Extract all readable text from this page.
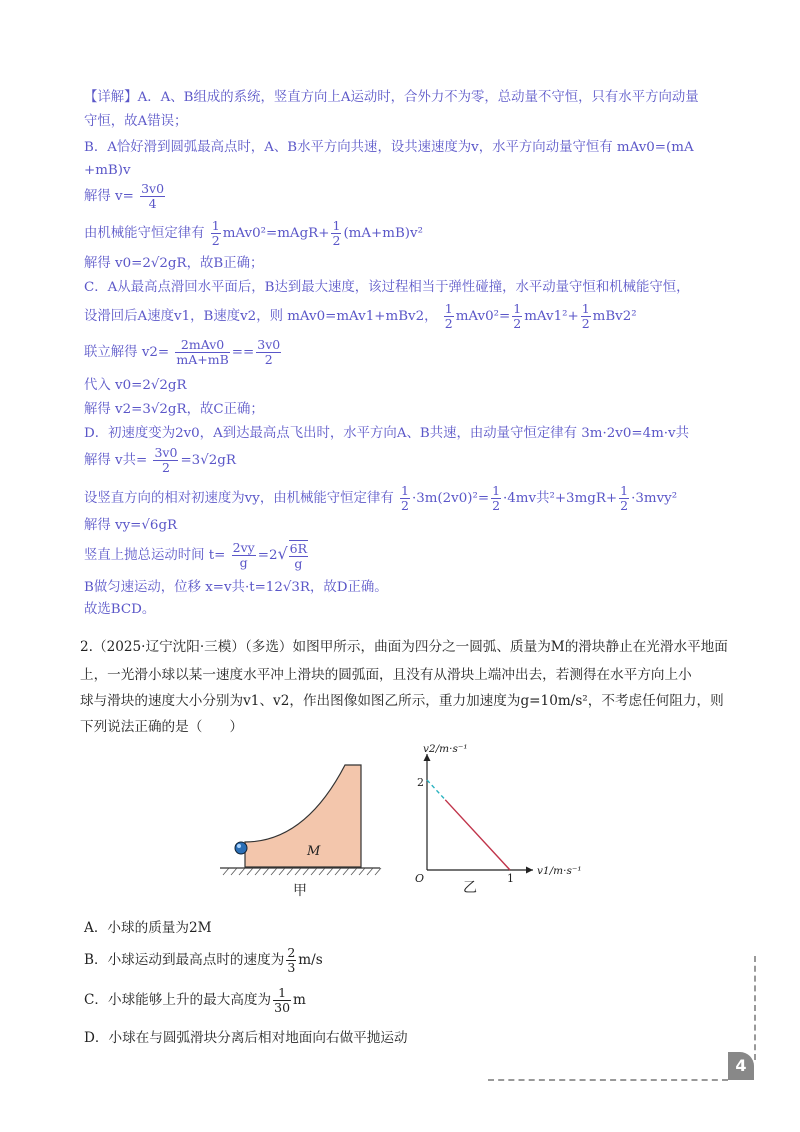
【详解】A．A、B组成的系统，竖直方向上A运动时，合外力不为零，总动量不守恒，只有水平方向动量
守恒，故A错误；
B．A恰好滑到圆弧最高点时，A、B水平方向共速，设共速速度为v，水平方向动量守恒有 mAv0=(mA
+mB)v
解得 $v= \frac{3v0}{4}$
由机械能守恒定律有 $\frac{1}{2}$ mAv0²=mAgR+ $\frac{1}{2} (mA+mB)v^2$
解得 v0=2√2gR，故B正确；
C．A从最高点滑回水平面后，B达到最大速度，该过程相当于弹性碰撞，水平动量守恒和机械能守恒，
设滑回后A速度v1，B速度v2，则 mAv0=mAv1+mBv2， $\frac{1}{2} mAv0^2= \frac{1}{2} mAv1^2+ \frac{1}{2} mBv2^2$
联立解得 $v2= \frac{\text{2mAv0}}{mA+mB} == \frac{3v0}{2}$
代入 v0=2√2gR
解得 v2=3√2gR，故C正确；
D．初速度变为2v0，A到达最高点飞出时，水平方向A、B共速，由动量守恒定律有 3m·2v0=4m·v共
解得 v共= $\frac{3v0}{2} =3√2gR$
设竖直方向的相对初速度为vy，由机械能守恒定律有 $\frac{1}{2} \cdot 3m(2v0)^2= \frac{1}{2} \cdot 4mv$共$^2+3mgR+ \frac{1}{2} \cdot 3mvy^2$
解得 vy=√6gR
竖直上抛总运动时间 $t= \frac{2vy}{g} =2√ \frac{6R}{g}$
B做匀速运动，位移 x=v共·t=12√3R，故D正确。
故选BCD。
2.（2025·辽宁沈阳·三模）（多选）如图甲所示，曲面为四分之一圆弧、质量为M的滑块静止在光滑水平地面
上，一光滑小球以某一速度水平冲上滑块的圆弧面，且没有从滑块上端冲出去，若测得在水平方向上小
球与滑块的速度大小分别为v1、v2，作出图像如图乙所示，重力加速度为g=10m/s²，不考虑任何阻力，则
下列说法正确的是（　　）
M
甲
v2/m·s⁻¹
v1/m·s⁻¹
O
2
1
乙
A．小球的质量为2M
B．小球运动到最高点时的速度为 $\frac{2}{3} m/s$
C．小球能够上升的最大高度为 $\frac{1}{30}$ m
D．小球在与圆弧滑块分离后相对地面向右做平抛运动
4
